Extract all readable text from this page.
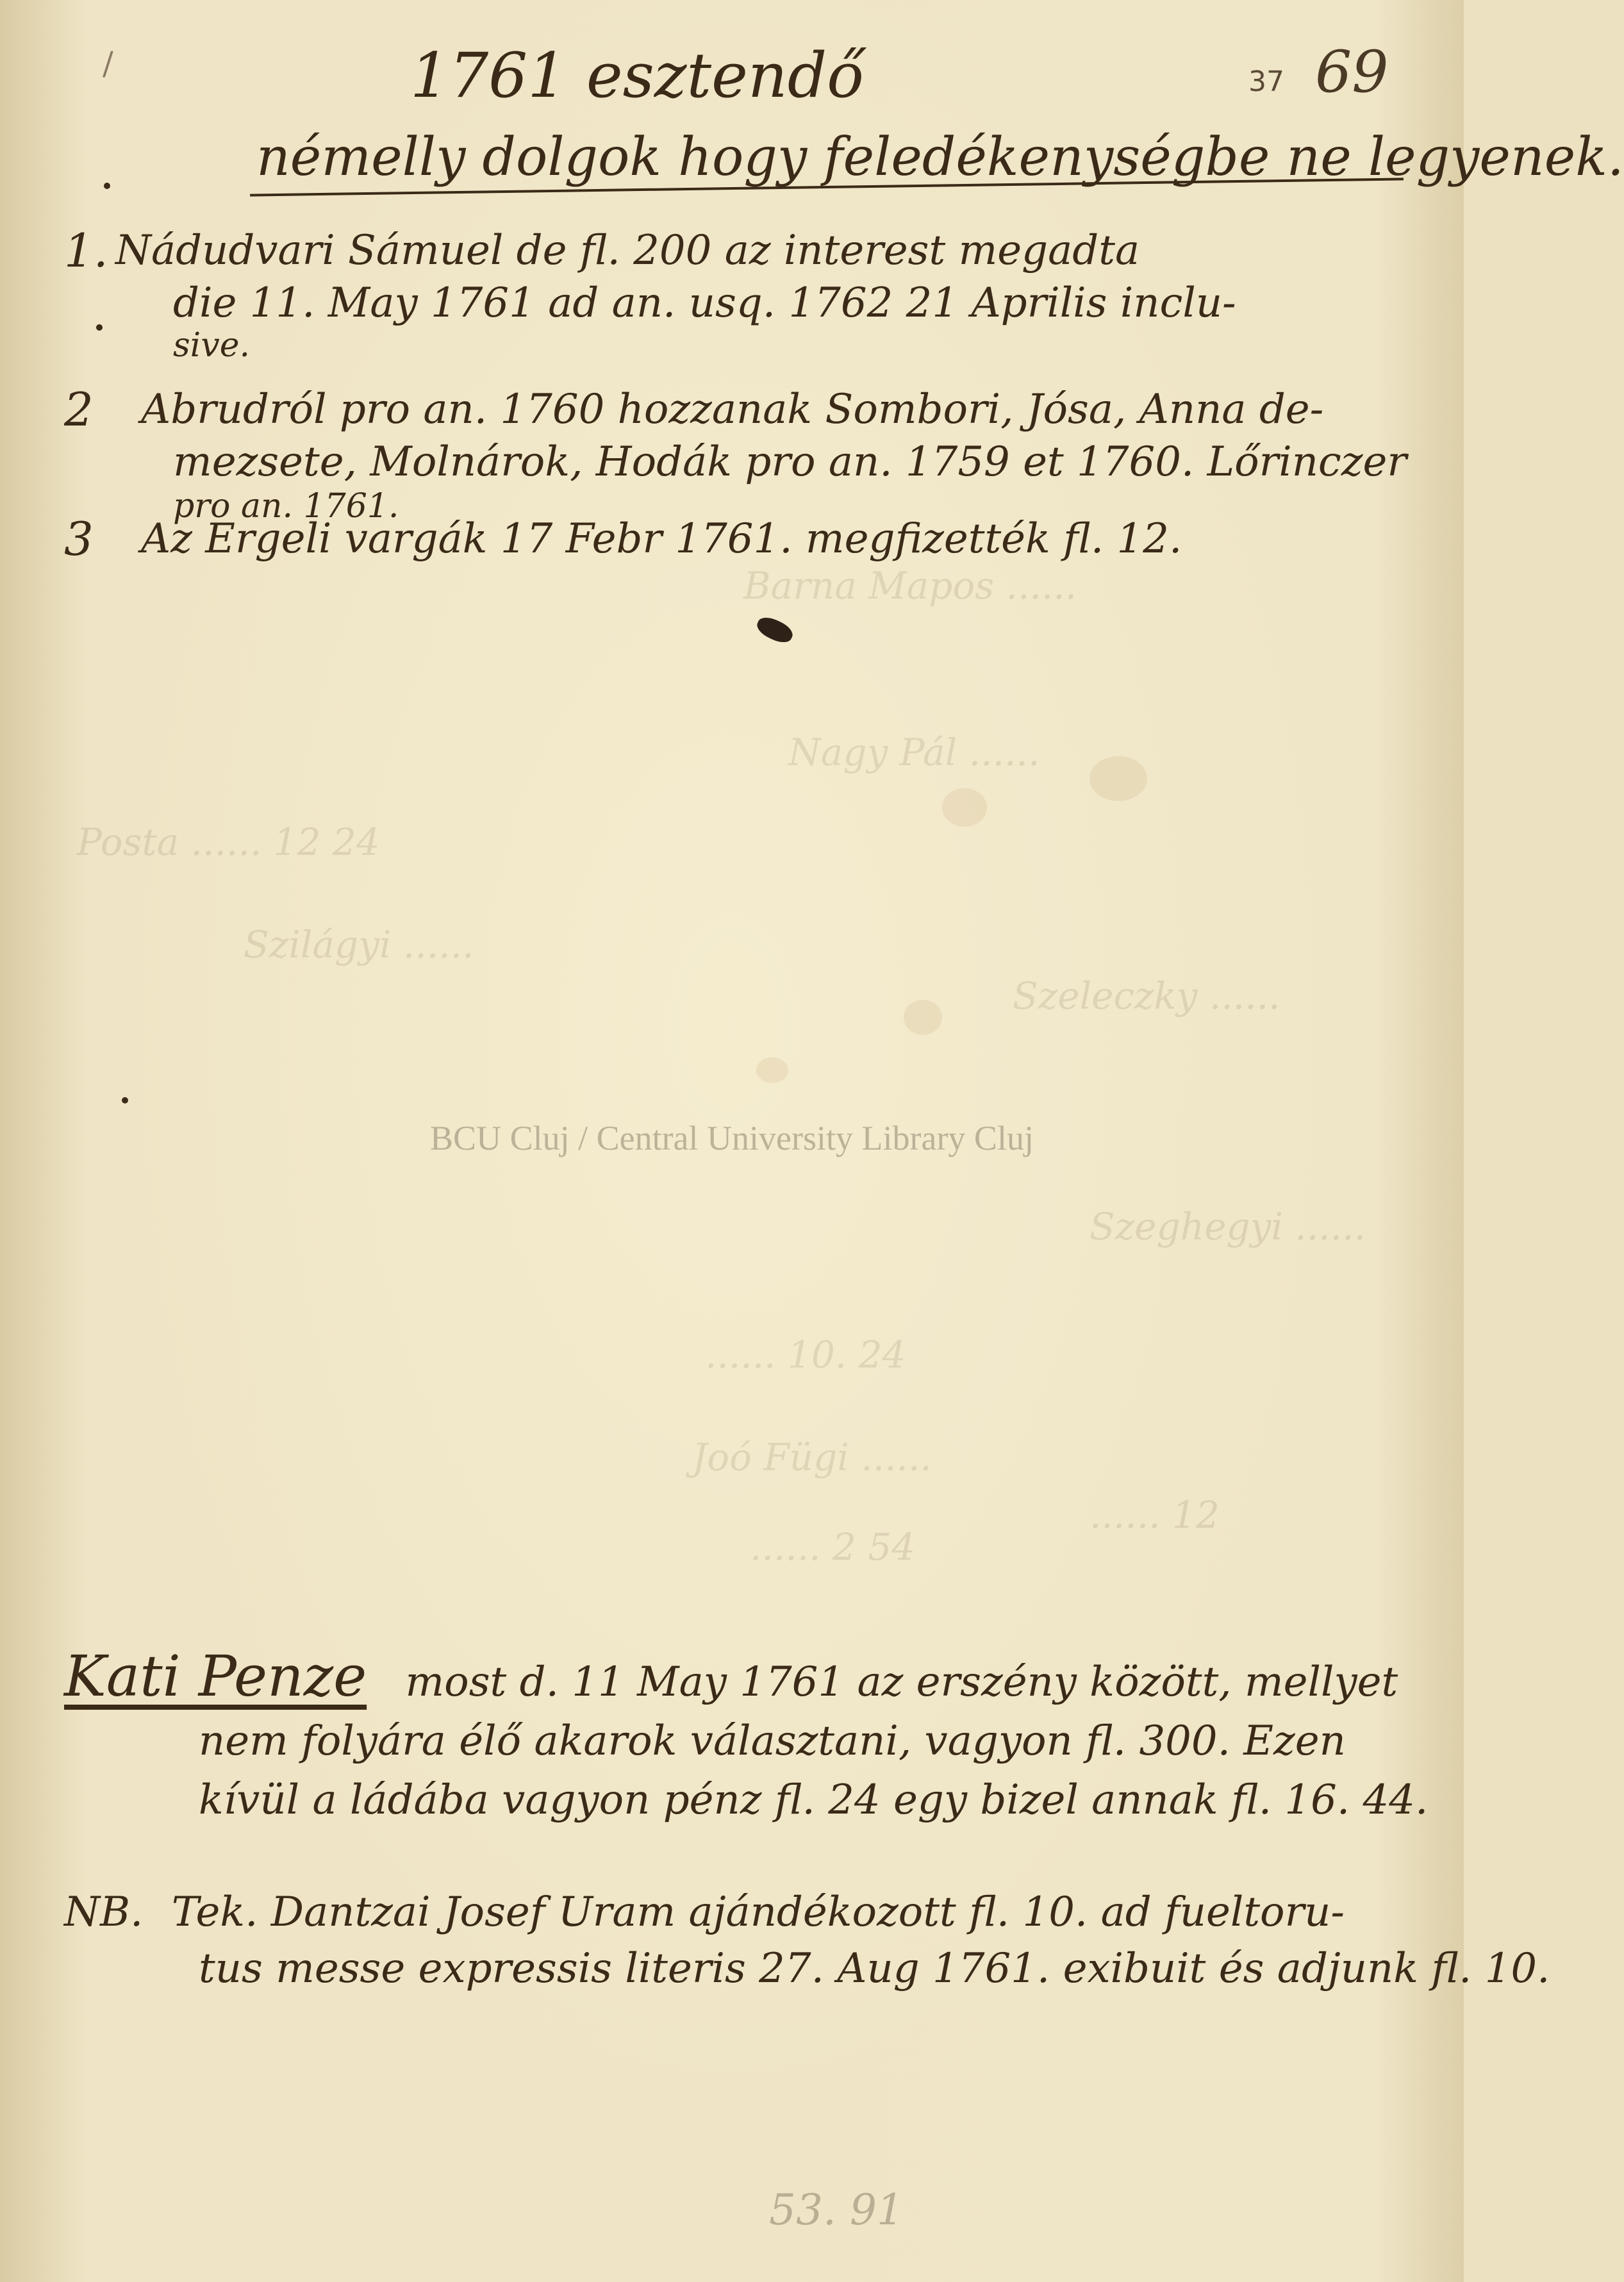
Barna Mapos ......
Nagy Pál ......
Posta ...... 12 24
Szilágyi ......
Szeleczky ......
Szeghegyi ......
...... 10. 24
Joó Fügi ......
...... 2 54
...... 12
/	37 69
1761 esztendő
némelly dolgok hogy feledékenységbe ne legyenek.
1. Nádudvari Sámuel de fl. 200 az interest megadta
die 11. May 1761 ad an. usq. 1762 21 Aprilis inclu-
sive.
2	Abrudról pro an. 1760 hozzanak Sombori, Jósa, Anna de-
mezsete, Molnárok, Hodák pro an. 1759 et 1760. Lőrinczer
pro an. 1761.
3	Az Ergeli vargák 17 Febr 1761. megfizették fl. 12.
BCU Cluj / Central University Library Cluj
Kati Penze most d. 11 May 1761 az erszény között, mellyet
nem folyára élő akarok választani, vagyon fl. 300. Ezen
kívül a ládába vagyon pénz fl. 24 egy bizel annak fl. 16. 44.
NB. Tek. Dantzai Josef Uram ajándékozott fl. 10. ad fueltoru-
tus messe expressis literis 27. Aug 1761. exibuit és adjunk fl. 10.
53. 91
